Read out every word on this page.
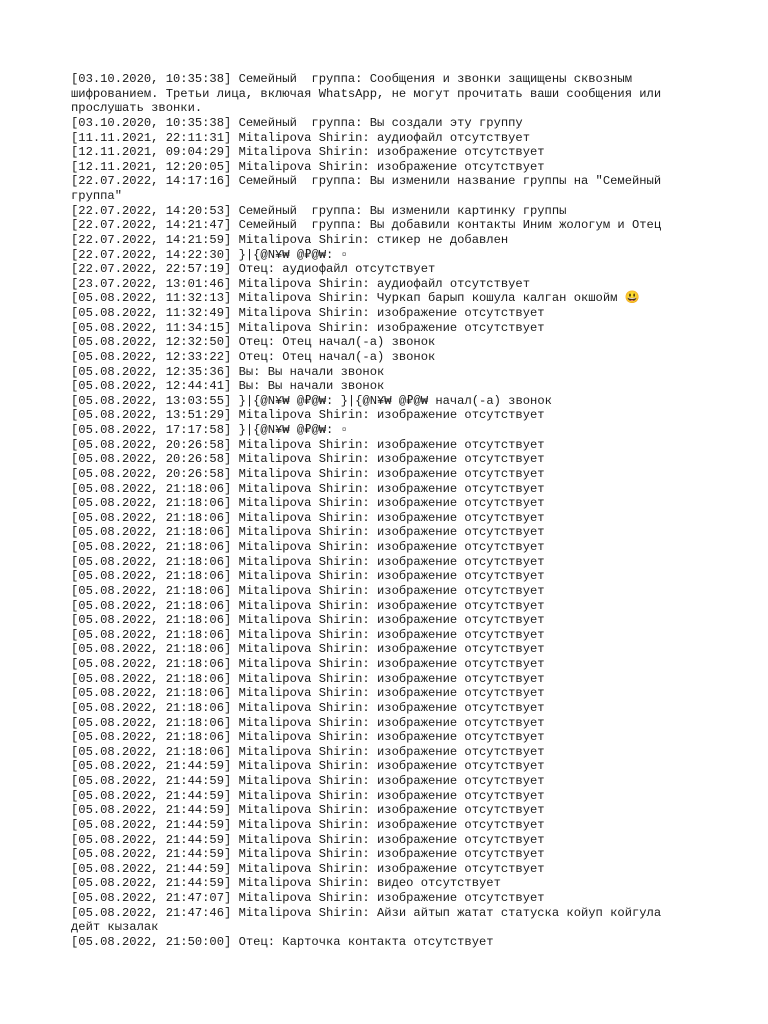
[03.10.2020, 10:35:38] Семейный  группа: Сообщения и звонки защищены сквозным шифрованием. Третьи лица, включая WhatsApp, не могут прочитать ваши сообщения или прослушать звонки.

[03.10.2020, 10:35:38] Семейный  группа: Вы создали эту группу

[11.11.2021, 22:11:31] Mitalipova Shirin: аудиофайл отсутствует

[12.11.2021, 09:04:29] Mitalipova Shirin: изображение отсутствует

[12.11.2021, 12:20:05] Mitalipova Shirin: изображение отсутствует

[22.07.2022, 14:17:16] Семейный  группа: Вы изменили название группы на "Семейный группа"

[22.07.2022, 14:20:53] Семейный  группа: Вы изменили картинку группы

[22.07.2022, 14:21:47] Семейный  группа: Вы добавили контакты Иним жологум и Отец

[22.07.2022, 14:21:59] Mitalipova Shirin: стикер не добавлен

[22.07.2022, 14:22:30] }|{@N¥₩ @₽@₩: ▫

[22.07.2022, 22:57:19] Отец: аудиофайл отсутствует

[23.07.2022, 13:01:46] Mitalipova Shirin: аудиофайл отсутствует

[05.08.2022, 11:32:13] Mitalipova Shirin: Чуркап барып кошула калган окшойм 😃

[05.08.2022, 11:32:49] Mitalipova Shirin: изображение отсутствует

[05.08.2022, 11:34:15] Mitalipova Shirin: изображение отсутствует

[05.08.2022, 12:32:50] Отец: Отец начал(-а) звонок

[05.08.2022, 12:33:22] Отец: Отец начал(-а) звонок

[05.08.2022, 12:35:36] Вы: Вы начали звонок

[05.08.2022, 12:44:41] Вы: Вы начали звонок

[05.08.2022, 13:03:55] }|{@N¥₩ @₽@₩: }|{@N¥₩ @₽@₩ начал(-а) звонок

[05.08.2022, 13:51:29] Mitalipova Shirin: изображение отсутствует

[05.08.2022, 17:17:58] }|{@N¥₩ @₽@₩: ▫

[05.08.2022, 20:26:58] Mitalipova Shirin: изображение отсутствует

[05.08.2022, 20:26:58] Mitalipova Shirin: изображение отсутствует

[05.08.2022, 20:26:58] Mitalipova Shirin: изображение отсутствует

[05.08.2022, 21:18:06] Mitalipova Shirin: изображение отсутствует

[05.08.2022, 21:18:06] Mitalipova Shirin: изображение отсутствует

[05.08.2022, 21:18:06] Mitalipova Shirin: изображение отсутствует

[05.08.2022, 21:18:06] Mitalipova Shirin: изображение отсутствует

[05.08.2022, 21:18:06] Mitalipova Shirin: изображение отсутствует

[05.08.2022, 21:18:06] Mitalipova Shirin: изображение отсутствует

[05.08.2022, 21:18:06] Mitalipova Shirin: изображение отсутствует

[05.08.2022, 21:18:06] Mitalipova Shirin: изображение отсутствует

[05.08.2022, 21:18:06] Mitalipova Shirin: изображение отсутствует

[05.08.2022, 21:18:06] Mitalipova Shirin: изображение отсутствует

[05.08.2022, 21:18:06] Mitalipova Shirin: изображение отсутствует

[05.08.2022, 21:18:06] Mitalipova Shirin: изображение отсутствует

[05.08.2022, 21:18:06] Mitalipova Shirin: изображение отсутствует

[05.08.2022, 21:18:06] Mitalipova Shirin: изображение отсутствует

[05.08.2022, 21:18:06] Mitalipova Shirin: изображение отсутствует

[05.08.2022, 21:18:06] Mitalipova Shirin: изображение отсутствует

[05.08.2022, 21:18:06] Mitalipova Shirin: изображение отсутствует

[05.08.2022, 21:18:06] Mitalipova Shirin: изображение отсутствует

[05.08.2022, 21:18:06] Mitalipova Shirin: изображение отсутствует

[05.08.2022, 21:44:59] Mitalipova Shirin: изображение отсутствует

[05.08.2022, 21:44:59] Mitalipova Shirin: изображение отсутствует

[05.08.2022, 21:44:59] Mitalipova Shirin: изображение отсутствует

[05.08.2022, 21:44:59] Mitalipova Shirin: изображение отсутствует

[05.08.2022, 21:44:59] Mitalipova Shirin: изображение отсутствует

[05.08.2022, 21:44:59] Mitalipova Shirin: изображение отсутствует

[05.08.2022, 21:44:59] Mitalipova Shirin: изображение отсутствует

[05.08.2022, 21:44:59] Mitalipova Shirin: изображение отсутствует

[05.08.2022, 21:44:59] Mitalipova Shirin: видео отсутствует

[05.08.2022, 21:47:07] Mitalipova Shirin: изображение отсутствует

[05.08.2022, 21:47:46] Mitalipova Shirin: Айзи айтып жатат статуска койуп койгула дейт кызалак

[05.08.2022, 21:50:00] Отец: Карточка контакта отсутствует
